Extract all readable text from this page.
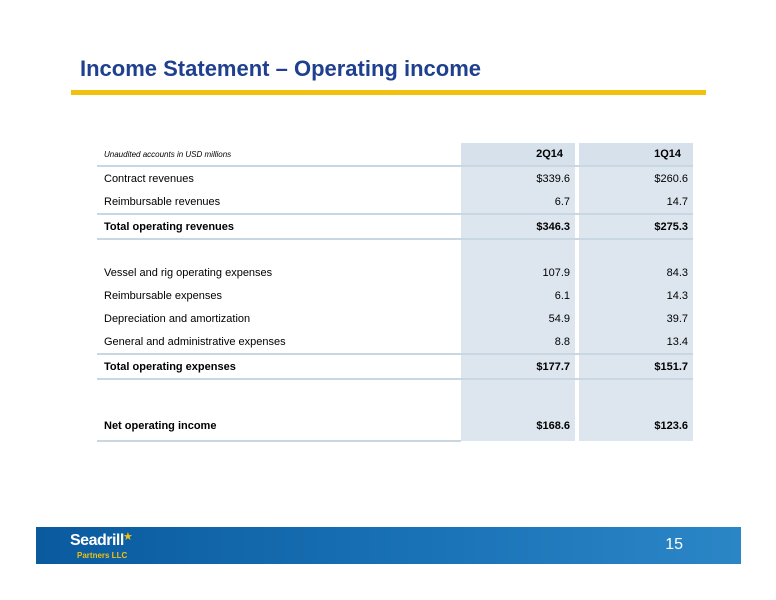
Income Statement – Operating income
Unaudited accounts in USD millions	2Q14		1Q14
Contract revenues	$339.6		$260.6
Reimbursable revenues	6.7		14.7
Total operating revenues	$346.3		$275.3

Vessel and rig operating expenses	107.9		84.3
Reimbursable expenses	6.1		14.3
Depreciation and amortization	54.9		39.7
General and administrative expenses	8.8		13.4
Total operating expenses	$177.7		$151.7

Net operating income	$168.6		$123.6
Seadrill ★
Partners LLC
15
